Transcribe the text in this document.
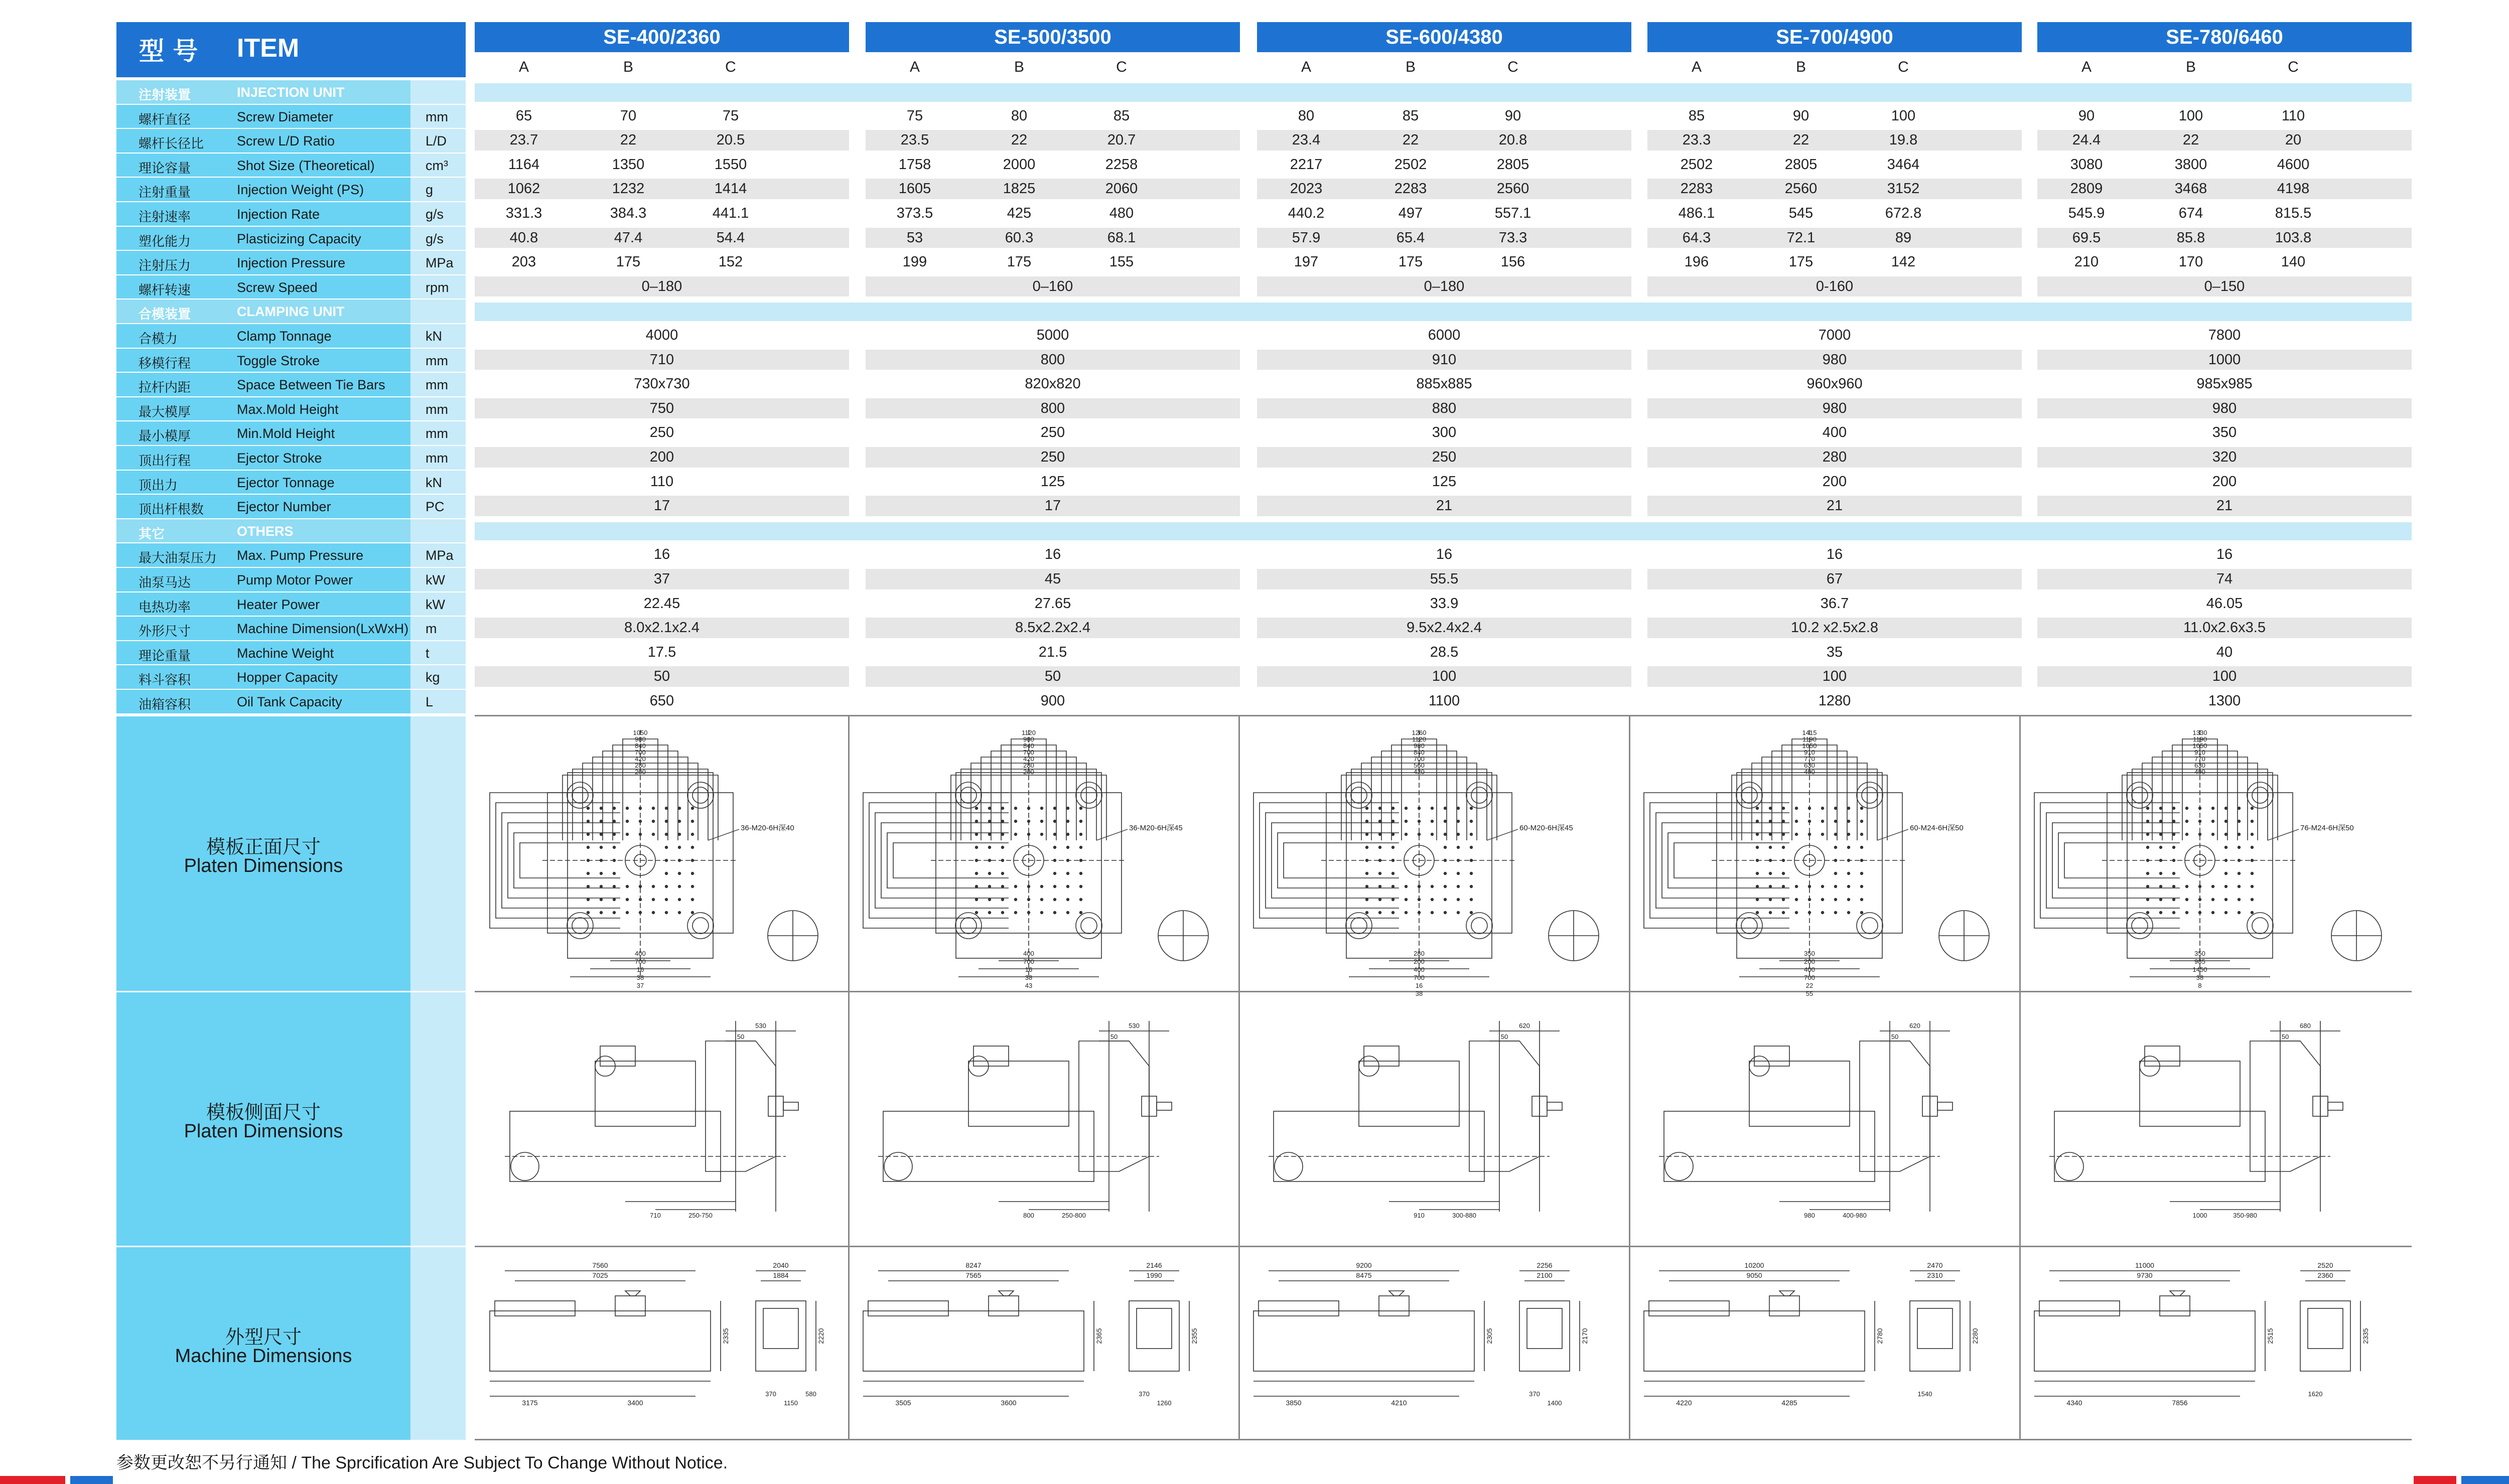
型 号 ITEM	SE-400/2360
A	B	C
SE-500/3500
A	B	C
SE-600/4380
A	B	C
SE-700/4900
A	B	C
SE-780/6460
A	B	C
注射装置	INJECTION UNIT
螺杆直径	Screw Diameter	mm	65	70	75	75	80	85	80	85	90	85	90	100	90	100	110
螺杆长径比 Screw L/D Ratio	L/D	23.7	22	20.5	23.5	22	20.7	23.4	22	20.8	23.3	22	19.8	24.4	22	20
理论容量	Shot Size (Theoretical)	cm³	1164	1350	1550	1758	2000	2258	2217	2502	2805	2502	2805	3464	3080	3800	4600
注射重量	Injection Weight (PS)	g	1062	1232	1414	1605	1825	2060	2023	2283	2560	2283	2560	3152	2809	3468	4198
注射速率	Injection Rate	g/s	331.3	384.3	441.1	373.5	425	480	440.2	497	557.1	486.1	545	672.8	545.9	674	815.5
塑化能力	Plasticizing Capacity	g/s	40.8	47.4	54.4	53	60.3	68.1	57.9	65.4	73.3	64.3	72.1	89	69.5	85.8	103.8
注射压力	Injection Pressure	MPa	203	175	152	199	175	155	197	175	156	196	175	142	210	170	140
螺杆转速	Screw Speed	rpm	0–180	0–160	0–180	0-160	0–150
合模装置	CLAMPING UNIT
合模力	Clamp Tonnage	kN	4000	5000	6000	7000	7800
移模行程	Toggle Stroke	mm	710	800	910	980	1000
拉杆内距	Space Between Tie Bars	mm	730x730	820x820	885x885	960x960	985x985
最大模厚	Max.Mold Height	mm	750	800	880	980	980
最小模厚	Min.Mold Height	mm	250	250	300	400	350
顶出行程	Ejector Stroke	mm	200	250	250	280	320
顶出力	Ejector Tonnage	kN	110	125	125	200	200
顶出杆根数 Ejector Number	PC	17	17	21	21	21
其它	OTHERS
最大油泵压力 Max. Pump Pressure	MPa	16	16	16	16	16
油泵马达	Pump Motor Power	kW	37	45	55.5	67	74
电热功率	Heater Power	kW	22.45	27.65	33.9	36.7	46.05
外形尺寸	Machine Dimension(LxWxH) m	8.0x2.1x2.4	8.5x2.2x2.4	9.5x2.4x2.4	10.2 x2.5x2.8	11.0x2.6x3.5
理论重量	Machine Weight	t	17.5	21.5	28.5	35	40
料斗容积	Hopper Capacity	kg	50	50	100	100	100
油箱容积	Oil Tank Capacity	L	650	900	1100	1280	1300
模板正面尺寸
Platen Dimensions
模板侧面尺寸
Platen Dimensions
外型尺寸
Machine Dimensions
36-M20-6H深40
1050
980
840
700
420
280
200
400
700
16
38
37
36-M20-6H深45
1120
980
840
700
420
280
200
400
700
16
38
43
60-M20-6H深45
1260
1120
980
840
700
560
420
280
200
400
700
16
38
60-M24-6H深50
1415
1190
1050
910
770
630
490
350
200
400
700
22
55
76-M24-6H深50
1330
1190
1050
910
770
630
490
350
985
1450
38
8
530
50
710	250-750
530
50
800	250-800
620
50
910	300-880
620
50
980	400-980
680
50
1000	350-980
7560
7025
3175	3400
2040
1884
2335	2220
370
1150
580
8247
7565
3505	3600
2146
1990
2365	2355
370
1260
9200
8475
3850	4210
2256
2100
2305	2170
370
1400
10200
9050
4220	4285
2470
2310
2780	2280
1540
11000
9730
4340	7856
2520
2360
2515	2335
1620
参数更改恕不另行通知 / The Sprcification Are Subject To Change Without Notice.
